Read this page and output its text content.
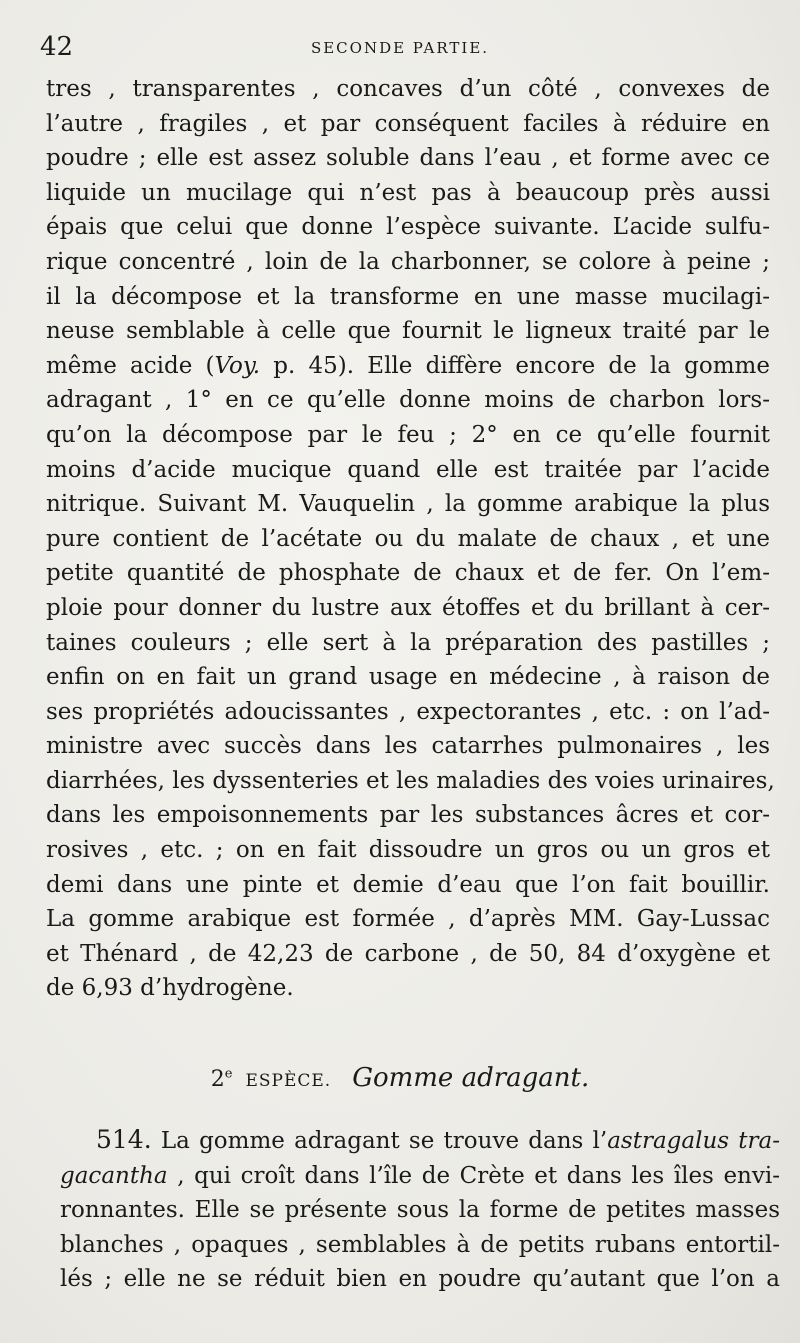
42	SECONDE PARTIE.
tres , transparentes , concaves d’un côté , convexes de
l’autre , fragiles , et par conséquent faciles à réduire en
poudre ; elle est assez soluble dans l’eau , et forme avec ce
liquide un mucilage qui n’est pas à beaucoup près aussi
épais que celui que donne l’espèce suivante. L’acide sulfu-
rique concentré , loin de la charbonner, se colore à peine ;
il la décompose et la transforme en une masse mucilagi-
neuse semblable à celle que fournit le ligneux traité par le
même acide (Voy. p. 45). Elle diffère encore de la gomme
adragant , 1° en ce qu’elle donne moins de charbon lors-
qu’on la décompose par le feu ; 2° en ce qu’elle fournit
moins d’acide mucique quand elle est traitée par l’acide
nitrique. Suivant M. Vauquelin , la gomme arabique la plus
pure contient de l’acétate ou du malate de chaux , et une
petite quantité de phosphate de chaux et de fer. On l’em-
ploie pour donner du lustre aux étoffes et du brillant à cer-
taines couleurs ; elle sert à la préparation des pastilles ;
enfin on en fait un grand usage en médecine , à raison de
ses propriétés adoucissantes , expectorantes , etc. : on l’ad-
ministre avec succès dans les catarrhes pulmonaires , les
diarrhées, les dyssenteries et les maladies des voies urinaires,
dans les empoisonnements par les substances âcres et cor-
rosives , etc. ; on en fait dissoudre un gros ou un gros et
demi dans une pinte et demie d’eau que l’on fait bouillir.
La gomme arabique est formée , d’après MM. Gay-Lussac
et Thénard , de 42,23 de carbone , de 50, 84 d’oxygène et
de 6,93 d’hydrogène.
2e ESPÈCE. Gomme adragant.
514. La gomme adragant se trouve dans l’astragalus tra-
gacantha , qui croît dans l’île de Crète et dans les îles envi-
ronnantes. Elle se présente sous la forme de petites masses
blanches , opaques , semblables à de petits rubans entortil-
lés ; elle ne se réduit bien en poudre qu’autant que l’on a
